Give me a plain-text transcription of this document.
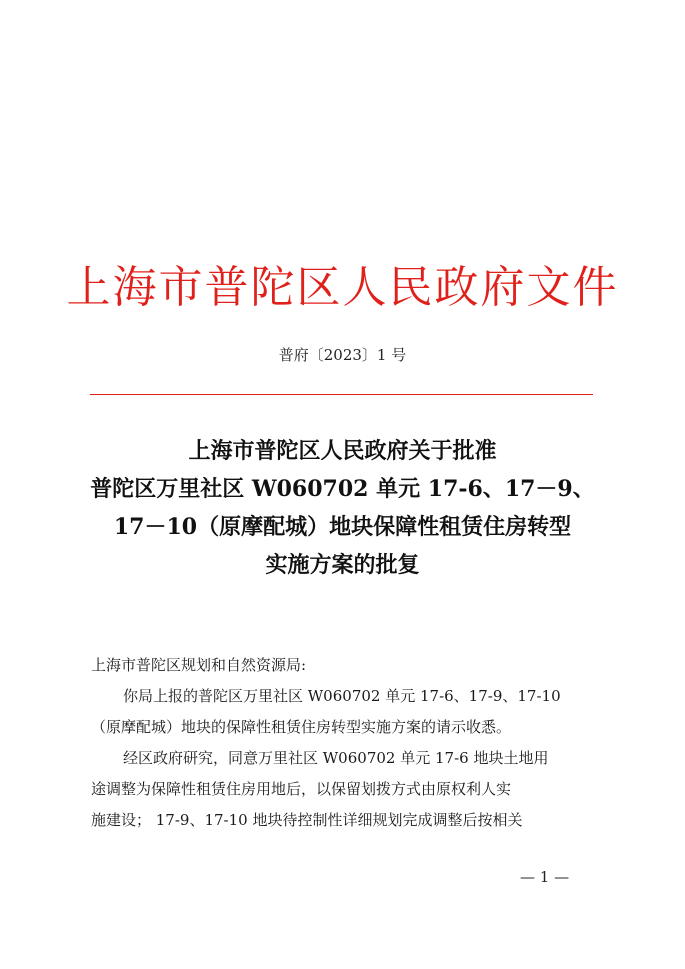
上海市普陀区人民政府文件
普府〔2023〕1 号
上海市普陀区人民政府关于批准
普陀区万里社区 W060702 单元 17-6、17－9、
17－10（原摩配城）地块保障性租赁住房转型
实施方案的批复

上海市普陀区规划和自然资源局:

你局上报的普陀区万里社区 W060702 单元 17-6、17-9、17-10

（原摩配城）地块的保障性租赁住房转型实施方案的请示收悉。

经区政府研究，同意万里社区 W060702 单元 17-6 地块土地用

途调整为保障性租赁住房用地后，以保留划拨方式由原权利人实

施建设； 17-9、17-10 地块待控制性详细规划完成调整后按相关

— 1 —
